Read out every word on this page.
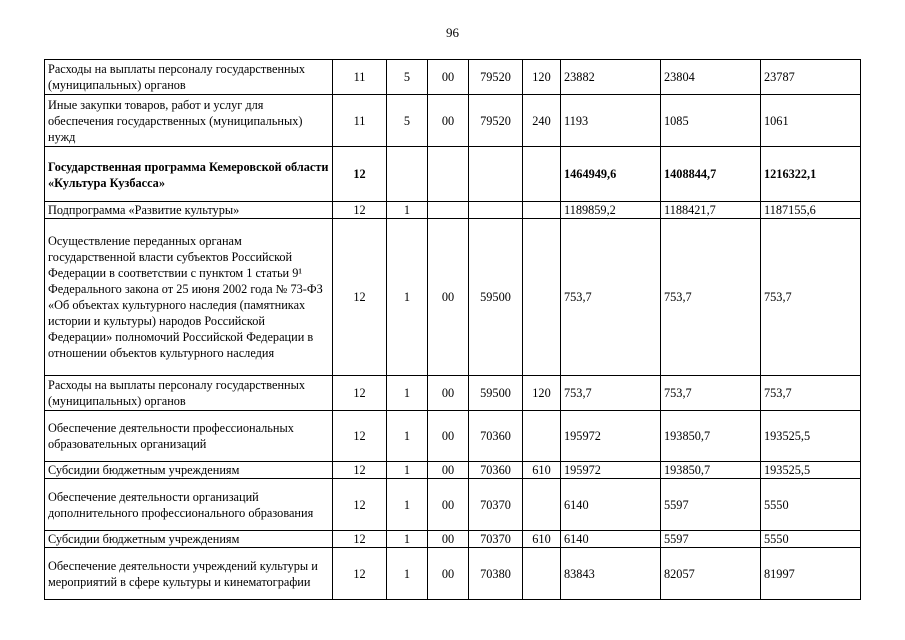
96
Расходы на выплаты персоналу государственных (муниципальных) органов	11	5	00	79520	120	23882	23804	23787
Иные закупки товаров, работ и услуг для обеспечения государственных (муниципальных) нужд	11	5	00	79520	240	1193	1085	1061
Государственная программа Кемеровской области «Культура Кузбасса»	12					1464949,6	1408844,7	1216322,1
Подпрограмма «Развитие культуры»	12	1				1189859,2	1188421,7	1187155,6
Осуществление переданных органам государственной власти субъектов Российской Федерации в соответствии с пунктом 1 статьи 9¹ Федерального закона от 25 июня 2002 года № 73-ФЗ «Об объектах культурного наследия (памятниках истории и культуры) народов Российской Федерации» полномочий Российской Федерации в отношении объектов культурного наследия	12	1	00	59500		753,7	753,7	753,7
Расходы на выплаты персоналу государственных (муниципальных) органов	12	1	00	59500	120	753,7	753,7	753,7
Обеспечение деятельности профессиональных образовательных организаций	12	1	00	70360		195972	193850,7	193525,5
Субсидии бюджетным учреждениям	12	1	00	70360	610	195972	193850,7	193525,5
Обеспечение деятельности организаций дополнительного профессионального образования	12	1	00	70370		6140	5597	5550
Субсидии бюджетным учреждениям	12	1	00	70370	610	6140	5597	5550
Обеспечение деятельности учреждений культуры и мероприятий в сфере культуры и кинематографии	12	1	00	70380		83843	82057	81997
